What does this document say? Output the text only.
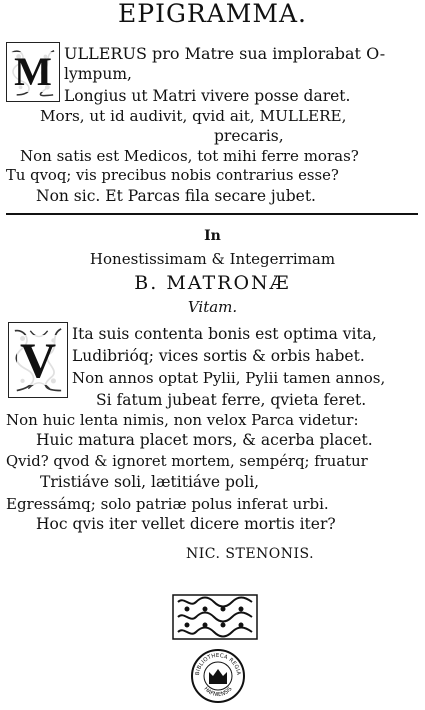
EPIGRAMMA.
M ULLERUS pro Matre sua implorabat O-
lympum,
Longius ut Matri vivere posse daret.
Mors, ut id audivit, qvid ait, MULLERE,
precaris,
Non satis est Medicos, tot mihi ferre moras?
Tu qvoq; vis precibus nobis contrarius esse?
Non sic. Et Parcas fila secare jubet.
In
Honestissimam & Integerrimam
B. MATRONÆ
Vitam.
V Ita suis contenta bonis est optima vita,
Ludibrióq; vices sortis & orbis habet.
Non annos optat Pylii, Pylii tamen annos,
Si fatum jubeat ferre, qvieta feret.
Non huic lenta nimis, non velox Parca videtur:
Huic matura placet mors, & acerba placet.
Qvid? qvod & ignoret mortem, sempérq; fruatur
Tristiáve soli, lætitiáve poli,
Egressámq; solo patriæ polus inferat urbi.
Hoc qvis iter vellet dicere mortis iter?
NIC. STENONIS.
BIBLIOTHECA REGIA
HAFNIENSIS
